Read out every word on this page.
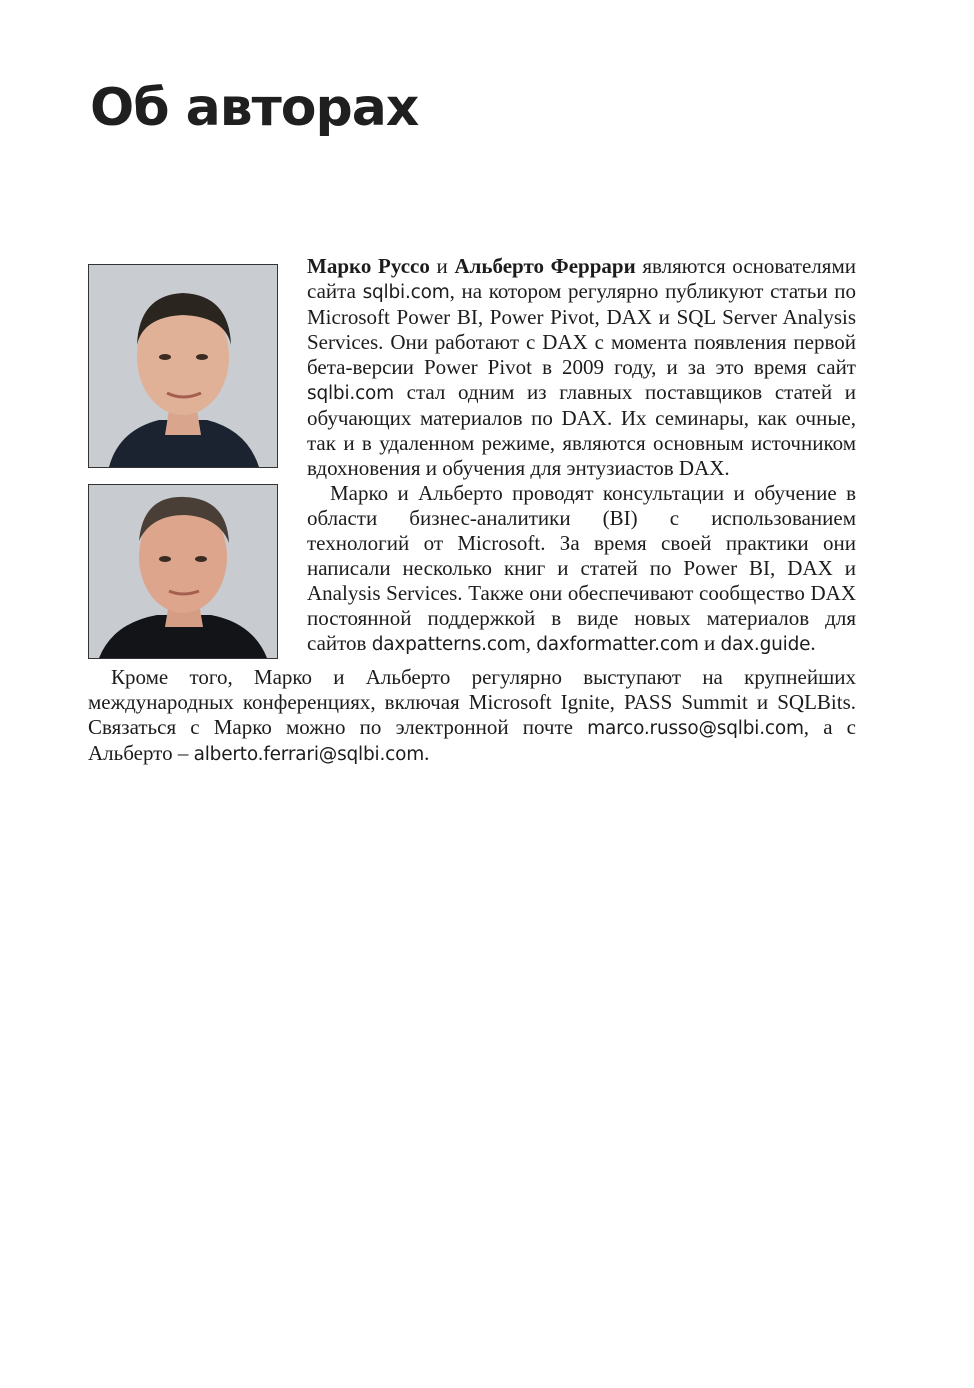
Об авторах

Марко Руссо и Альберто Феррари являются основателями сайта sqlbi.com, на котором регулярно публикуют статьи по Microsoft Power BI, Power Pivot, DAX и SQL Server Analysis Services. Они работают с DAX с момента появления первой бета-версии Power Pivot в 2009 году, и за это время сайт sqlbi.com стал одним из главных поставщиков статей и обучающих материалов по DAX. Их семинары, как очные, так и в удаленном режиме, являются основным источником вдохновения и обучения для энтузиастов DAX.

Марко и Альберто проводят консультации и обучение в области бизнес-аналитики (BI) с использованием технологий от Microsoft. За время своей практики они написали несколько книг и статей по Power BI, DAX и Analysis Services. Также они обеспечивают сообщество DAX постоянной поддержкой в виде новых материалов для сайтов daxpatterns.com, daxformatter.com и dax.guide.

Кроме того, Марко и Альберто регулярно выступают на крупнейших международных конференциях, включая Microsoft Ignite, PASS Summit и SQLBits. Связаться с Марко можно по электронной почте marco.russo@sqlbi.com, а с Альберто – alberto.ferrari@sqlbi.com.
